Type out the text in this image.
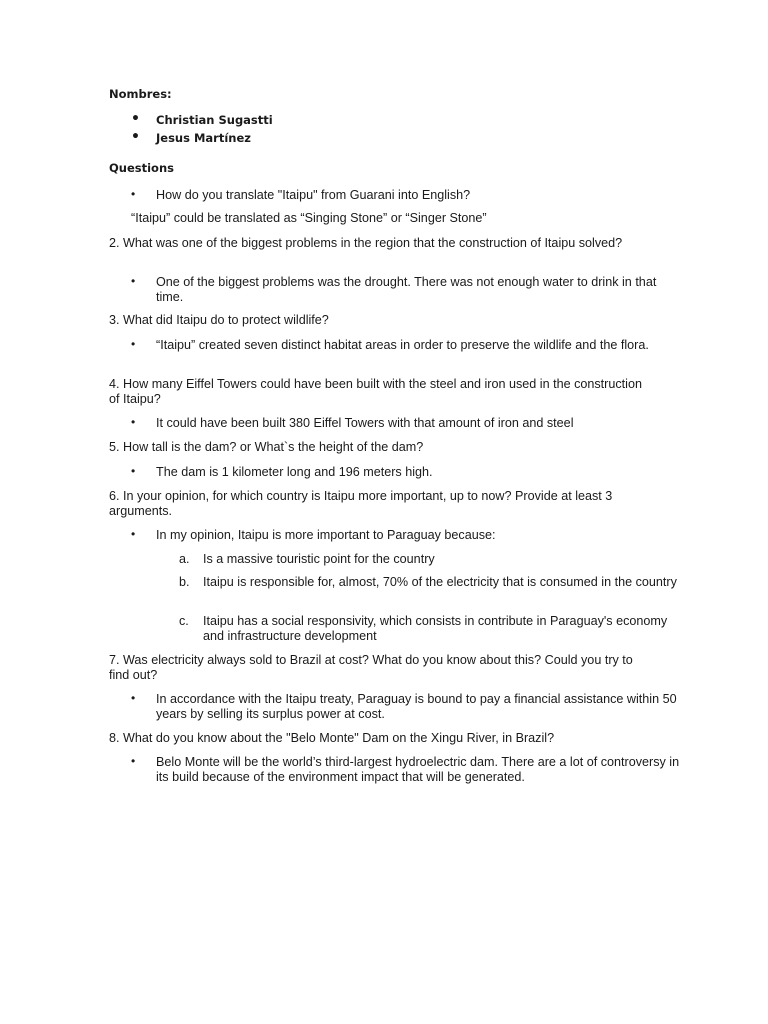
Nombres:
• Christian Sugastti
• Jesus Martínez
Questions

• How do you translate "Itaipu" from Guarani into English?

“Itaipu” could be translated as “Singing Stone” or “Singer Stone”

2. What was one of the biggest problems in the region that the construction of Itaipu solved?

• One of the biggest problems was the drought. There was not enough water to drink in that time.

3. What did Itaipu do to protect wildlife?

• “Itaipu” created seven distinct habitat areas in order to preserve the wildlife and the flora.

4. How many Eiffel Towers could have been built with the steel and iron used in the construction of Itaipu?

• It could have been built 380 Eiffel Towers with that amount of iron and steel

5. How tall is the dam? or What`s the height of the dam?

• The dam is 1 kilometer long and 196 meters high.

6. In your opinion, for which country is Itaipu more important, up to now? Provide at least 3 arguments.

• In my opinion, Itaipu is more important to Paraguay because:

a. Is a massive touristic point for the country

b. Itaipu is responsible for, almost, 70% of the electricity that is consumed in the country

c. Itaipu has a social responsivity, which consists in contribute in Paraguay's economy and infrastructure development

7. Was electricity always sold to Brazil at cost? What do you know about this? Could you try to find out?

• In accordance with the Itaipu treaty, Paraguay is bound to pay a financial assistance within 50 years by selling its surplus power at cost.

8. What do you know about the "Belo Monte" Dam on the Xingu River, in Brazil?

• Belo Monte will be the world’s third-largest hydroelectric dam. There are a lot of controversy in its build because of the environment impact that will be generated.
